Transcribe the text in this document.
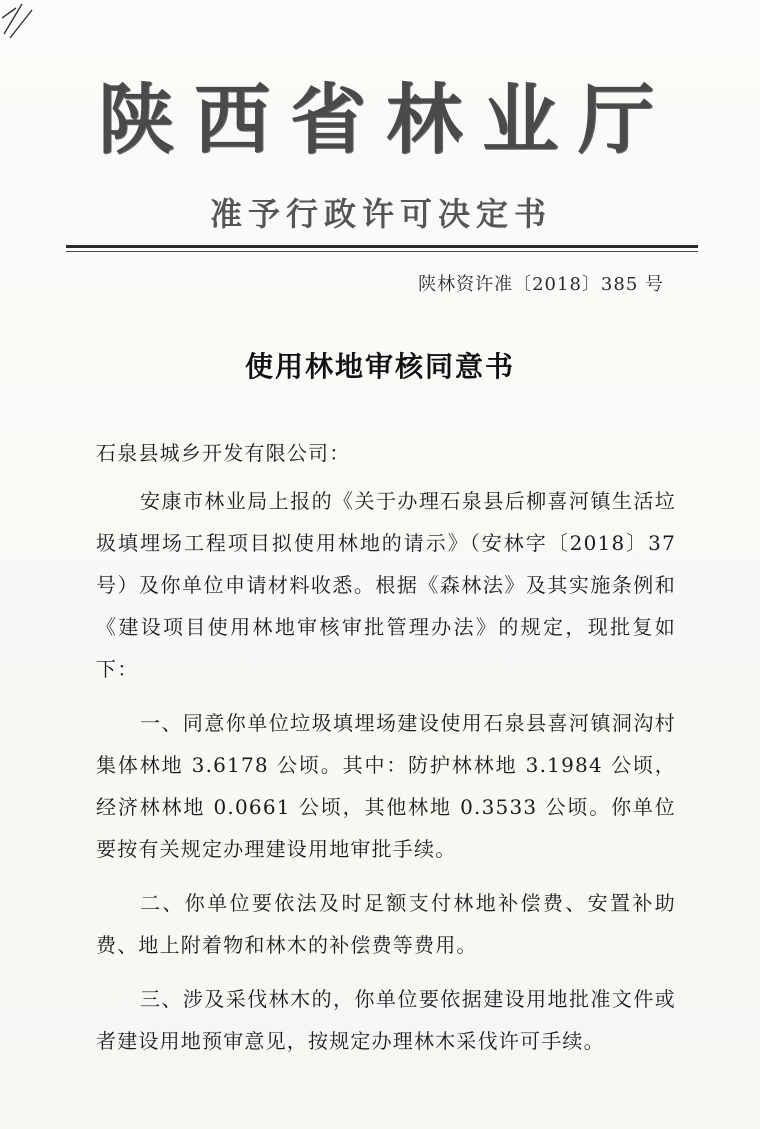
陕西省林业厅
准予行政许可决定书
陕林资许准〔2018〕385 号
使用林地审核同意书

石泉县城乡开发有限公司：

安康市林业局上报的《关于办理石泉县后柳喜河镇生活垃圾填埋场工程项目拟使用林地的请示》（安林字〔2018〕37 号）及你单位申请材料收悉。根据《森林法》及其实施条例和《建设项目使用林地审核审批管理办法》的规定，现批复如下：

一、同意你单位垃圾填埋场建设使用石泉县喜河镇洞沟村集体林地 3.6178 公顷。其中：防护林林地 3.1984 公顷，经济林林地 0.0661 公顷，其他林地 0.3533 公顷。你单位要按有关规定办理建设用地审批手续。

二、你单位要依法及时足额支付林地补偿费、安置补助费、地上附着物和林木的补偿费等费用。

三、涉及采伐林木的，你单位要依据建设用地批准文件或者建设用地预审意见，按规定办理林木采伐许可手续。
